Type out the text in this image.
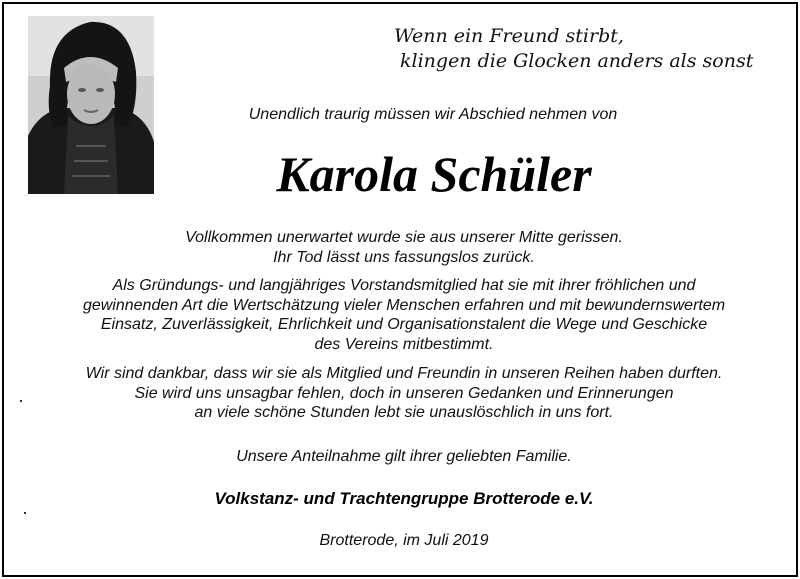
Wenn ein Freund stirbt,
klingen die Glocken anders als sonst
Unendlich traurig müssen wir Abschied nehmen von
Karola Schüler
Vollkommen unerwartet wurde sie aus unserer Mitte gerissen.
Ihr Tod lässt uns fassungslos zurück.
Als Gründungs- und langjähriges Vorstandsmitglied hat sie mit ihrer fröhlichen und
gewinnenden Art die Wertschätzung vieler Menschen erfahren und mit bewundernswertem
Einsatz, Zuverlässigkeit, Ehrlichkeit und Organisationstalent die Wege und Geschicke
des Vereins mitbestimmt.
Wir sind dankbar, dass wir sie als Mitglied und Freundin in unseren Reihen haben durften.
Sie wird uns unsagbar fehlen, doch in unseren Gedanken und Erinnerungen
an viele schöne Stunden lebt sie unauslöschlich in uns fort.
Unsere Anteilnahme gilt ihrer geliebten Familie.
Volkstanz- und Trachtengruppe Brotterode e.V.
Brotterode, im Juli 2019
